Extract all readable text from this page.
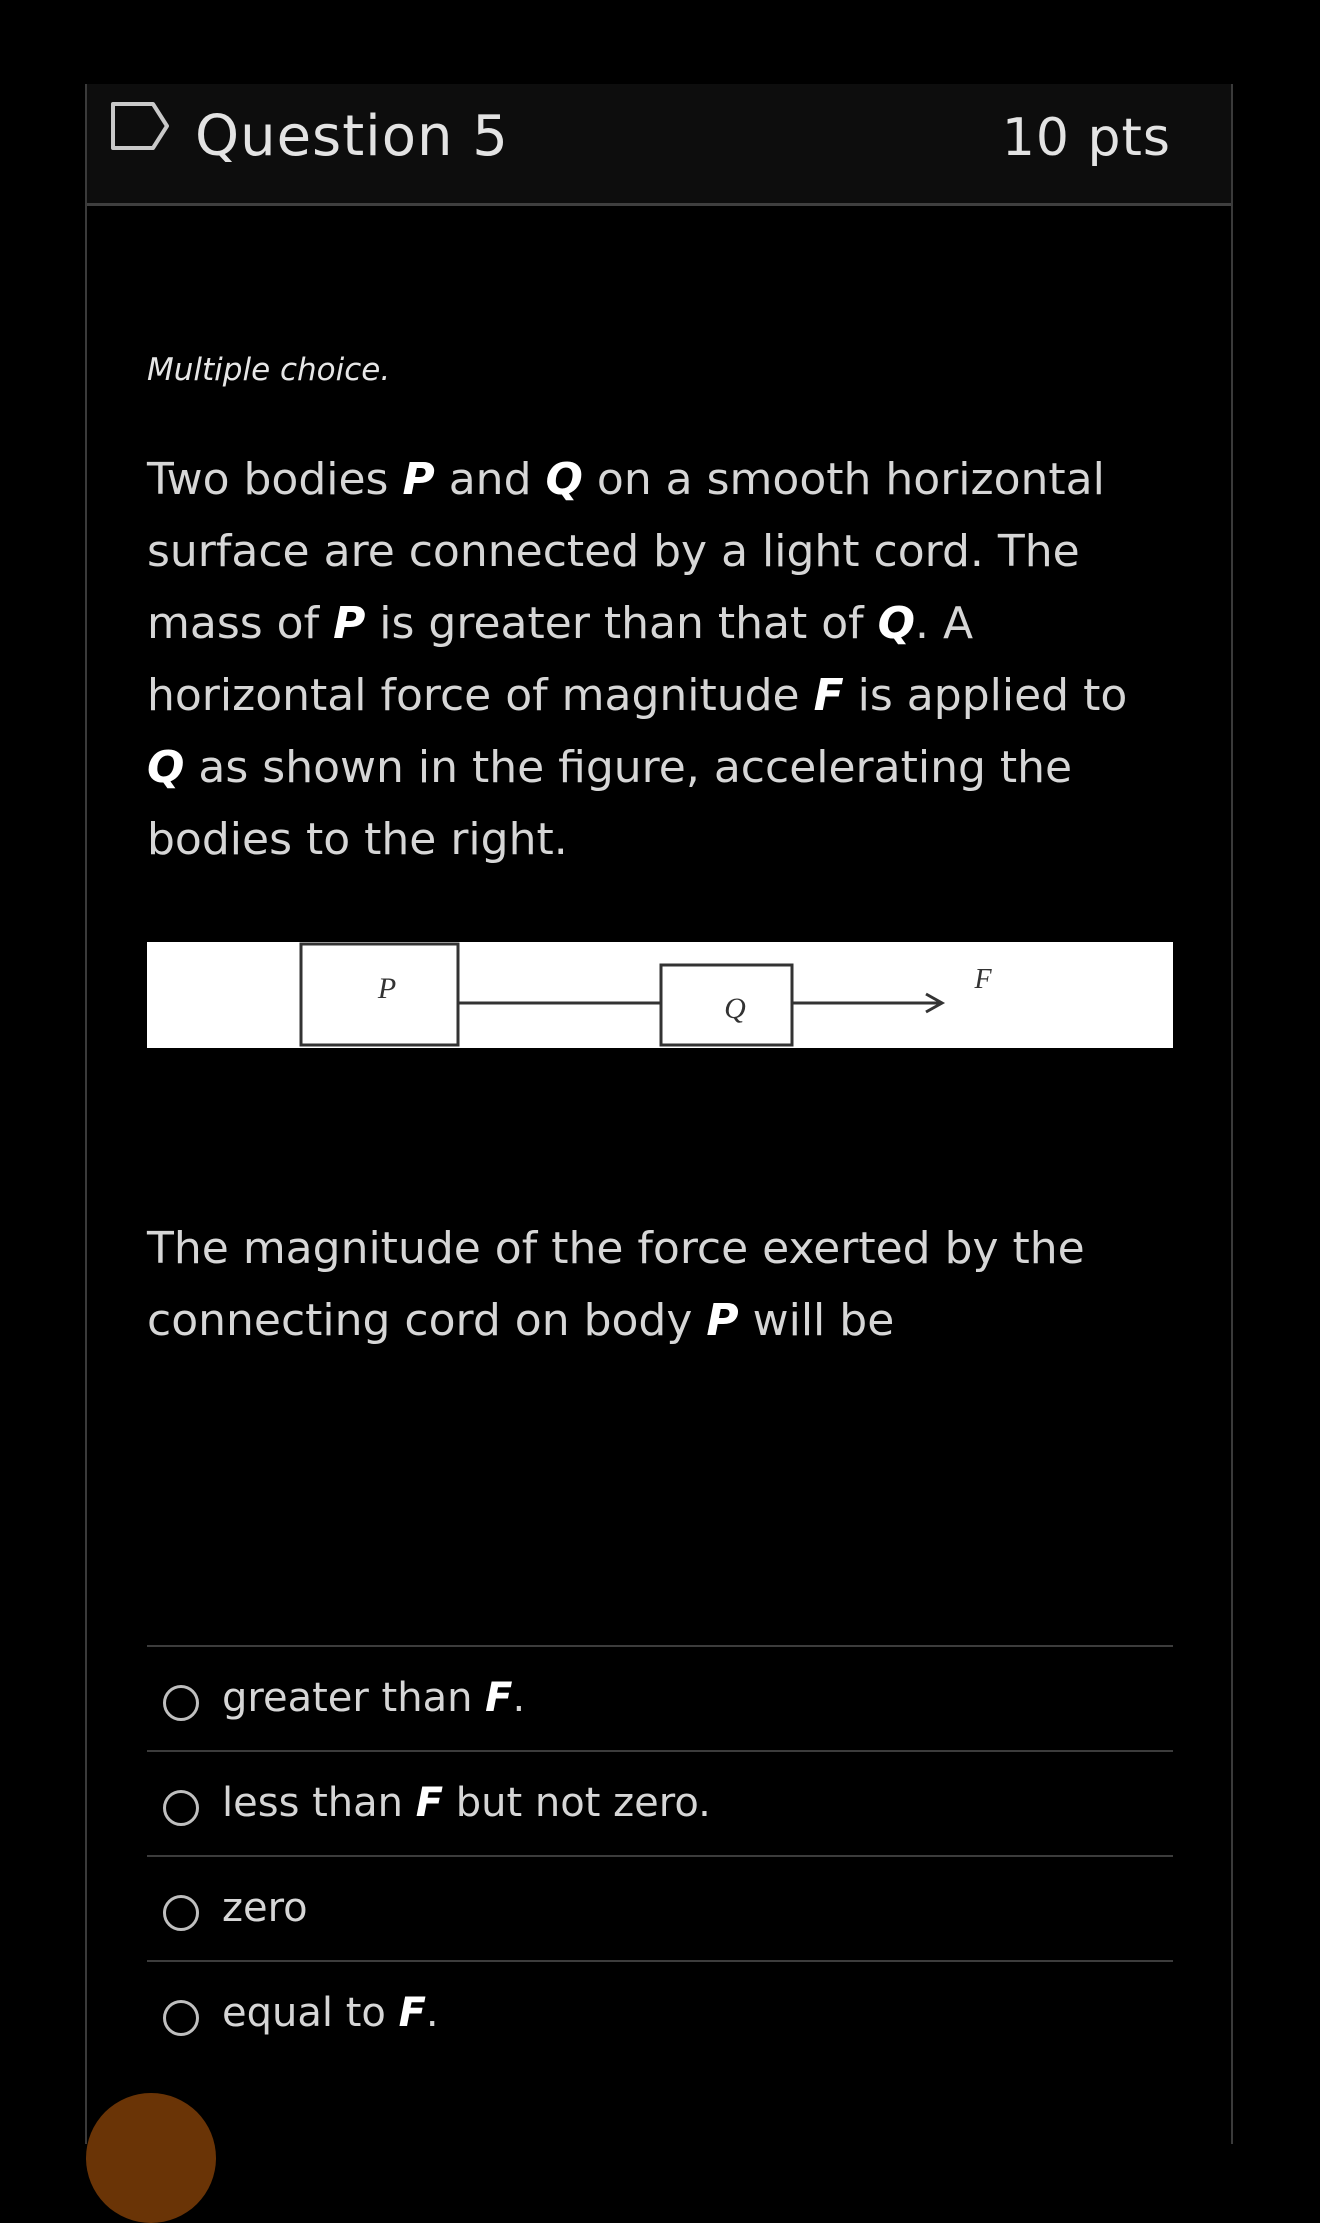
Question 5	10 pts
Multiple choice.
Two bodies P and Q on a smooth horizontal surface are connected by a light cord. The mass of P is greater than that of Q. A horizontal force of magnitude F is applied to Q as shown in the figure, accelerating the bodies to the right.
P
Q
F
The magnitude of the force exerted by the connecting cord on body P will be
greater than F.
less than F but not zero.
zero
equal to F.
